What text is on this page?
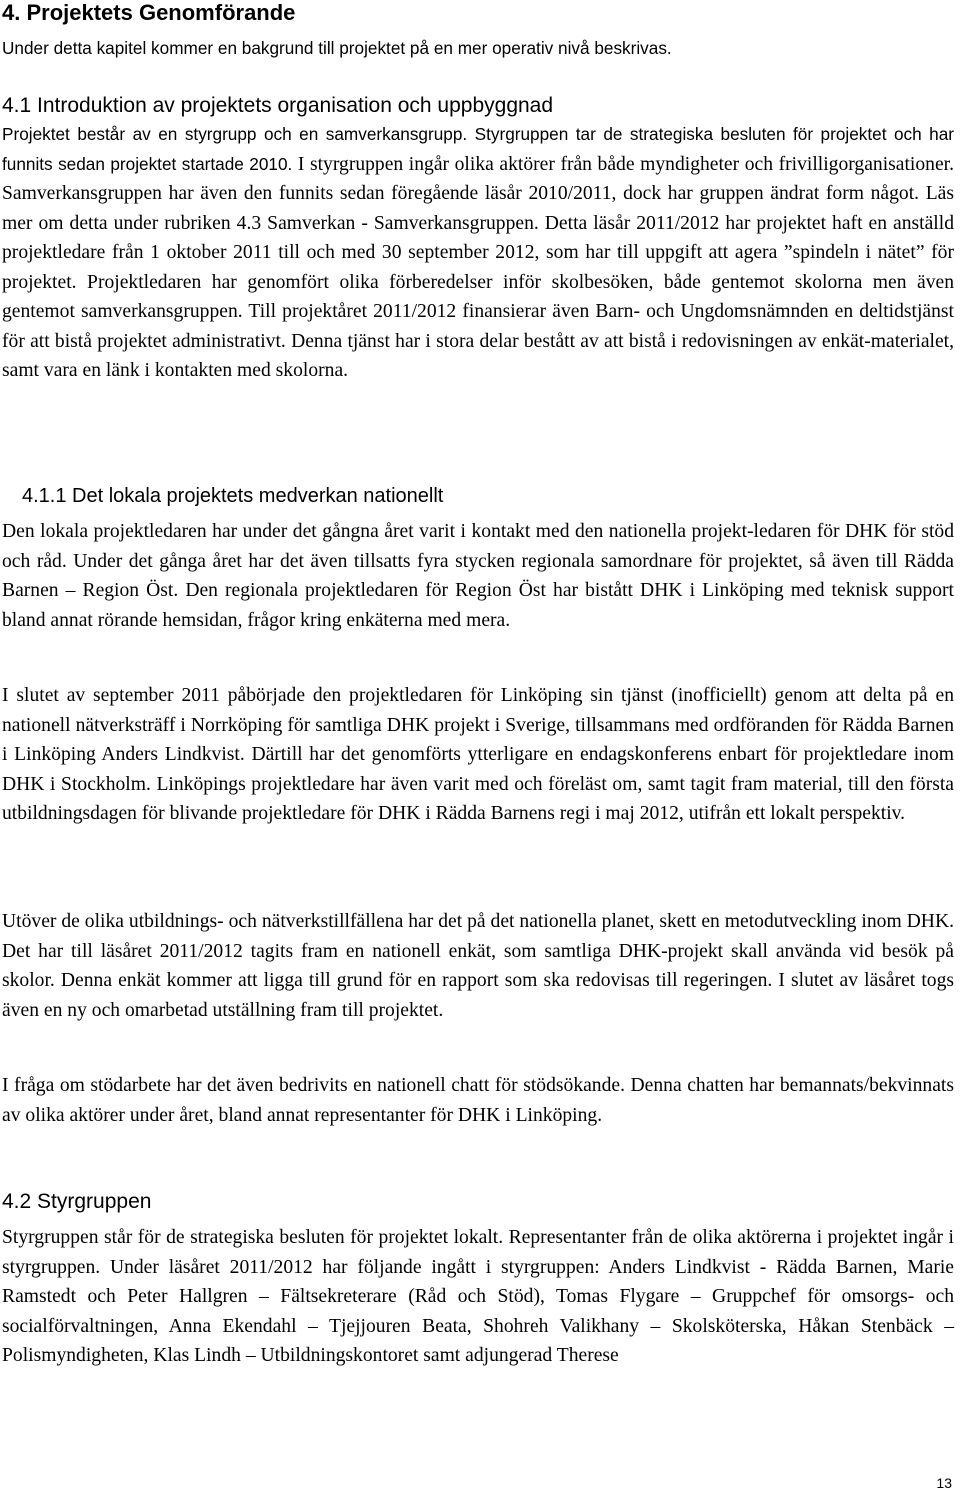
4. Projektets Genomförande

Under detta kapitel kommer en bakgrund till projektet på en mer operativ nivå beskrivas.

4.1 Introduktion av projektets organisation och uppbyggnad

Projektet består av en styrgrupp och en samverkansgrupp. Styrgruppen tar de strategiska besluten för projektet och har funnits sedan projektet startade 2010. I styrgruppen ingår olika aktörer från både myndigheter och frivilligorganisationer. Samverkansgruppen har även den funnits sedan föregående läsår 2010/2011, dock har gruppen ändrat form något. Läs mer om detta under rubriken 4.3 Samverkan - Samverkansgruppen. Detta läsår 2011/2012 har projektet haft en anställd projektledare från 1 oktober 2011 till och med 30 september 2012, som har till uppgift att agera ”spindeln i nätet” för projektet. Projektledaren har genomfört olika förberedelser inför skolbesöken, både gentemot skolorna men även gentemot samverkansgruppen. Till projektåret 2011/2012 finansierar även Barn- och Ungdomsnämnden en deltidstjänst för att bistå projektet administrativt. Denna tjänst har i stora delar bestått av att bistå i redovisningen av enkät-materialet, samt vara en länk i kontakten med skolorna.

4.1.1 Det lokala projektets medverkan nationellt

Den lokala projektledaren har under det gångna året varit i kontakt med den nationella projekt-ledaren för DHK för stöd och råd. Under det gånga året har det även tillsatts fyra stycken regionala samordnare för projektet, så även till Rädda Barnen – Region Öst. Den regionala projektledaren för Region Öst har bistått DHK i Linköping med teknisk support bland annat rörande hemsidan, frågor kring enkäterna med mera.

I slutet av september 2011 påbörjade den projektledaren för Linköping sin tjänst (inofficiellt) genom att delta på en nationell nätverksträff i Norrköping för samtliga DHK projekt i Sverige, tillsammans med ordföranden för Rädda Barnen i Linköping Anders Lindkvist. Därtill har det genomförts ytterligare en endagskonferens enbart för projektledare inom DHK i Stockholm. Linköpings projektledare har även varit med och föreläst om, samt tagit fram material, till den första utbildningsdagen för blivande projektledare för DHK i Rädda Barnens regi i maj 2012, utifrån ett lokalt perspektiv.

Utöver de olika utbildnings- och nätverkstillfällena har det på det nationella planet, skett en metodutveckling inom DHK. Det har till läsåret 2011/2012 tagits fram en nationell enkät, som samtliga DHK-projekt skall använda vid besök på skolor. Denna enkät kommer att ligga till grund för en rapport som ska redovisas till regeringen. I slutet av läsåret togs även en ny och omarbetad utställning fram till projektet.

I fråga om stödarbete har det även bedrivits en nationell chatt för stödsökande. Denna chatten har bemannats/bekvinnats av olika aktörer under året, bland annat representanter för DHK i Linköping.

4.2 Styrgruppen

Styrgruppen står för de strategiska besluten för projektet lokalt. Representanter från de olika aktörerna i projektet ingår i styrgruppen. Under läsåret 2011/2012 har följande ingått i styrgruppen: Anders Lindkvist - Rädda Barnen, Marie Ramstedt och Peter Hallgren – Fältsekreterare (Råd och Stöd), Tomas Flygare – Gruppchef för omsorgs- och socialförvaltningen, Anna Ekendahl – Tjejjouren Beata, Shohreh Valikhany – Skolsköterska, Håkan Stenbäck – Polismyndigheten, Klas Lindh – Utbildningskontoret samt adjungerad Therese

13
